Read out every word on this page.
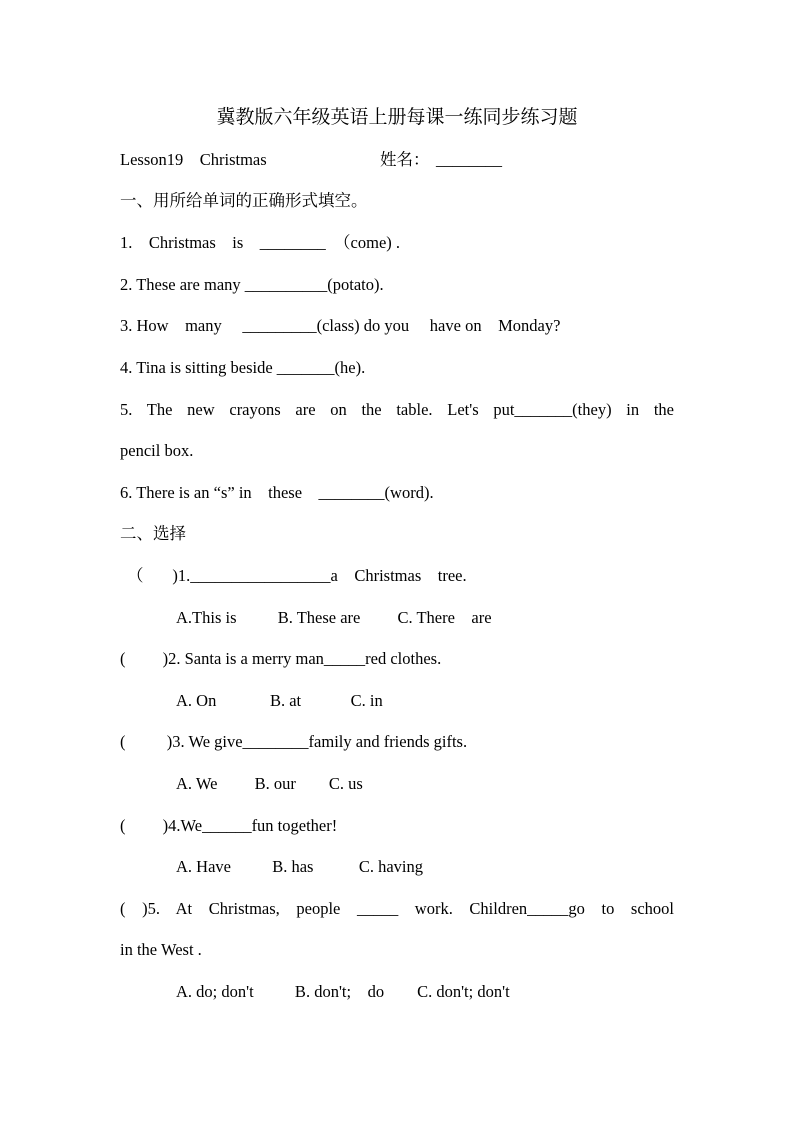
冀教版六年级英语上册每课一练同步练习题
Lesson19    Christmas	姓名： ________
一、用所给单词的正确形式填空。
1.    Christmas    is    ________  （come) .
2. These are many __________(potato).
3. How    many     _________(class) do you     have on    Monday?
4. Tina is sitting beside _______(he).
5. The new crayons are on the table. Let's put_______(they) in the
pencil box.
6. There is an “s” in    these    ________(word).
二、选择
（       )1._________________a    Christmas    tree.
A.This is          B. These are         C. There    are
(         )2. Santa is a merry man_____red clothes.
A. On             B. at            C. in
(          )3. We give________family and friends gifts.
A. We         B. our        C. us
(         )4.We______fun together!
A. Have          B. has           C. having
( )5. At Christmas, people _____ work. Children_____go to school
in the West .
A. do; don't          B. don't;    do        C. don't; don't
